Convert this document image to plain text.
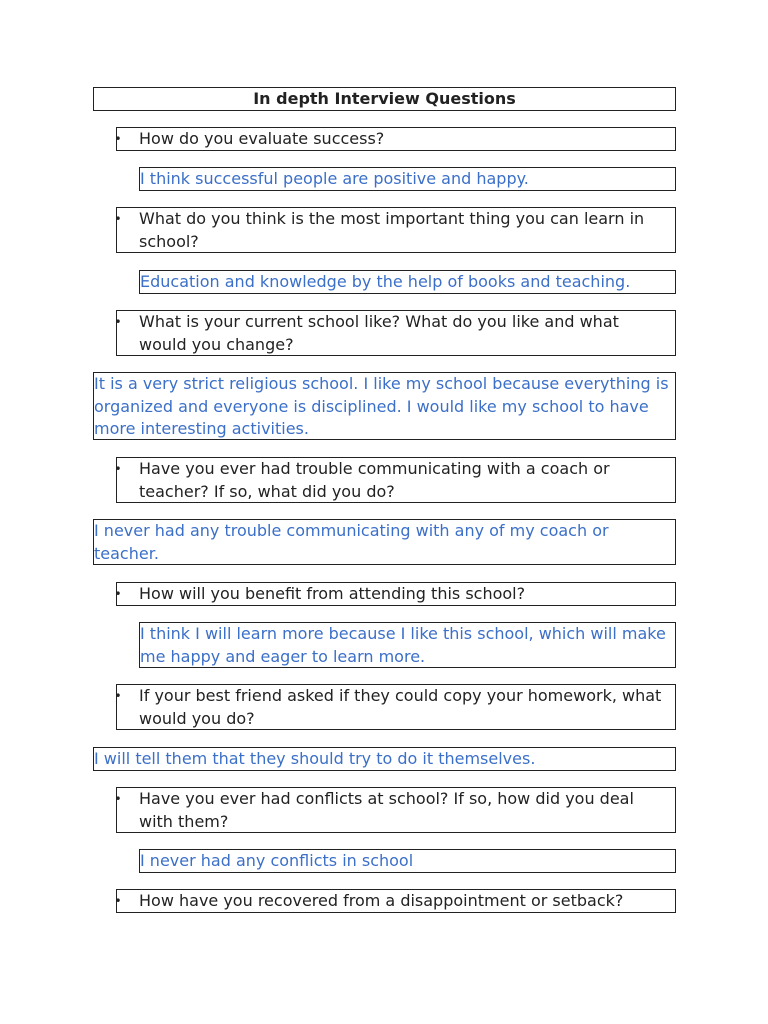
In depth Interview Questions
• How do you evaluate success?
I think successful people are positive and happy.
• What do you think is the most important thing you can learn in school?
Education and knowledge by the help of books and teaching.
• What is your current school like? What do you like and what would you change?
It is a very strict religious school. I like my school because everything is organized and everyone is disciplined. I would like my school to have more interesting activities.
• Have you ever had trouble communicating with a coach or teacher? If so, what did you do?
I never had any trouble communicating with any of my coach or teacher.
• How will you benefit from attending this school?
I think I will learn more because I like this school, which will make me happy and eager to learn more.
• If your best friend asked if they could copy your homework, what would you do?
I will tell them that they should try to do it themselves.
• Have you ever had conflicts at school? If so, how did you deal with them?
I never had any conflicts in school
• How have you recovered from a disappointment or setback?
